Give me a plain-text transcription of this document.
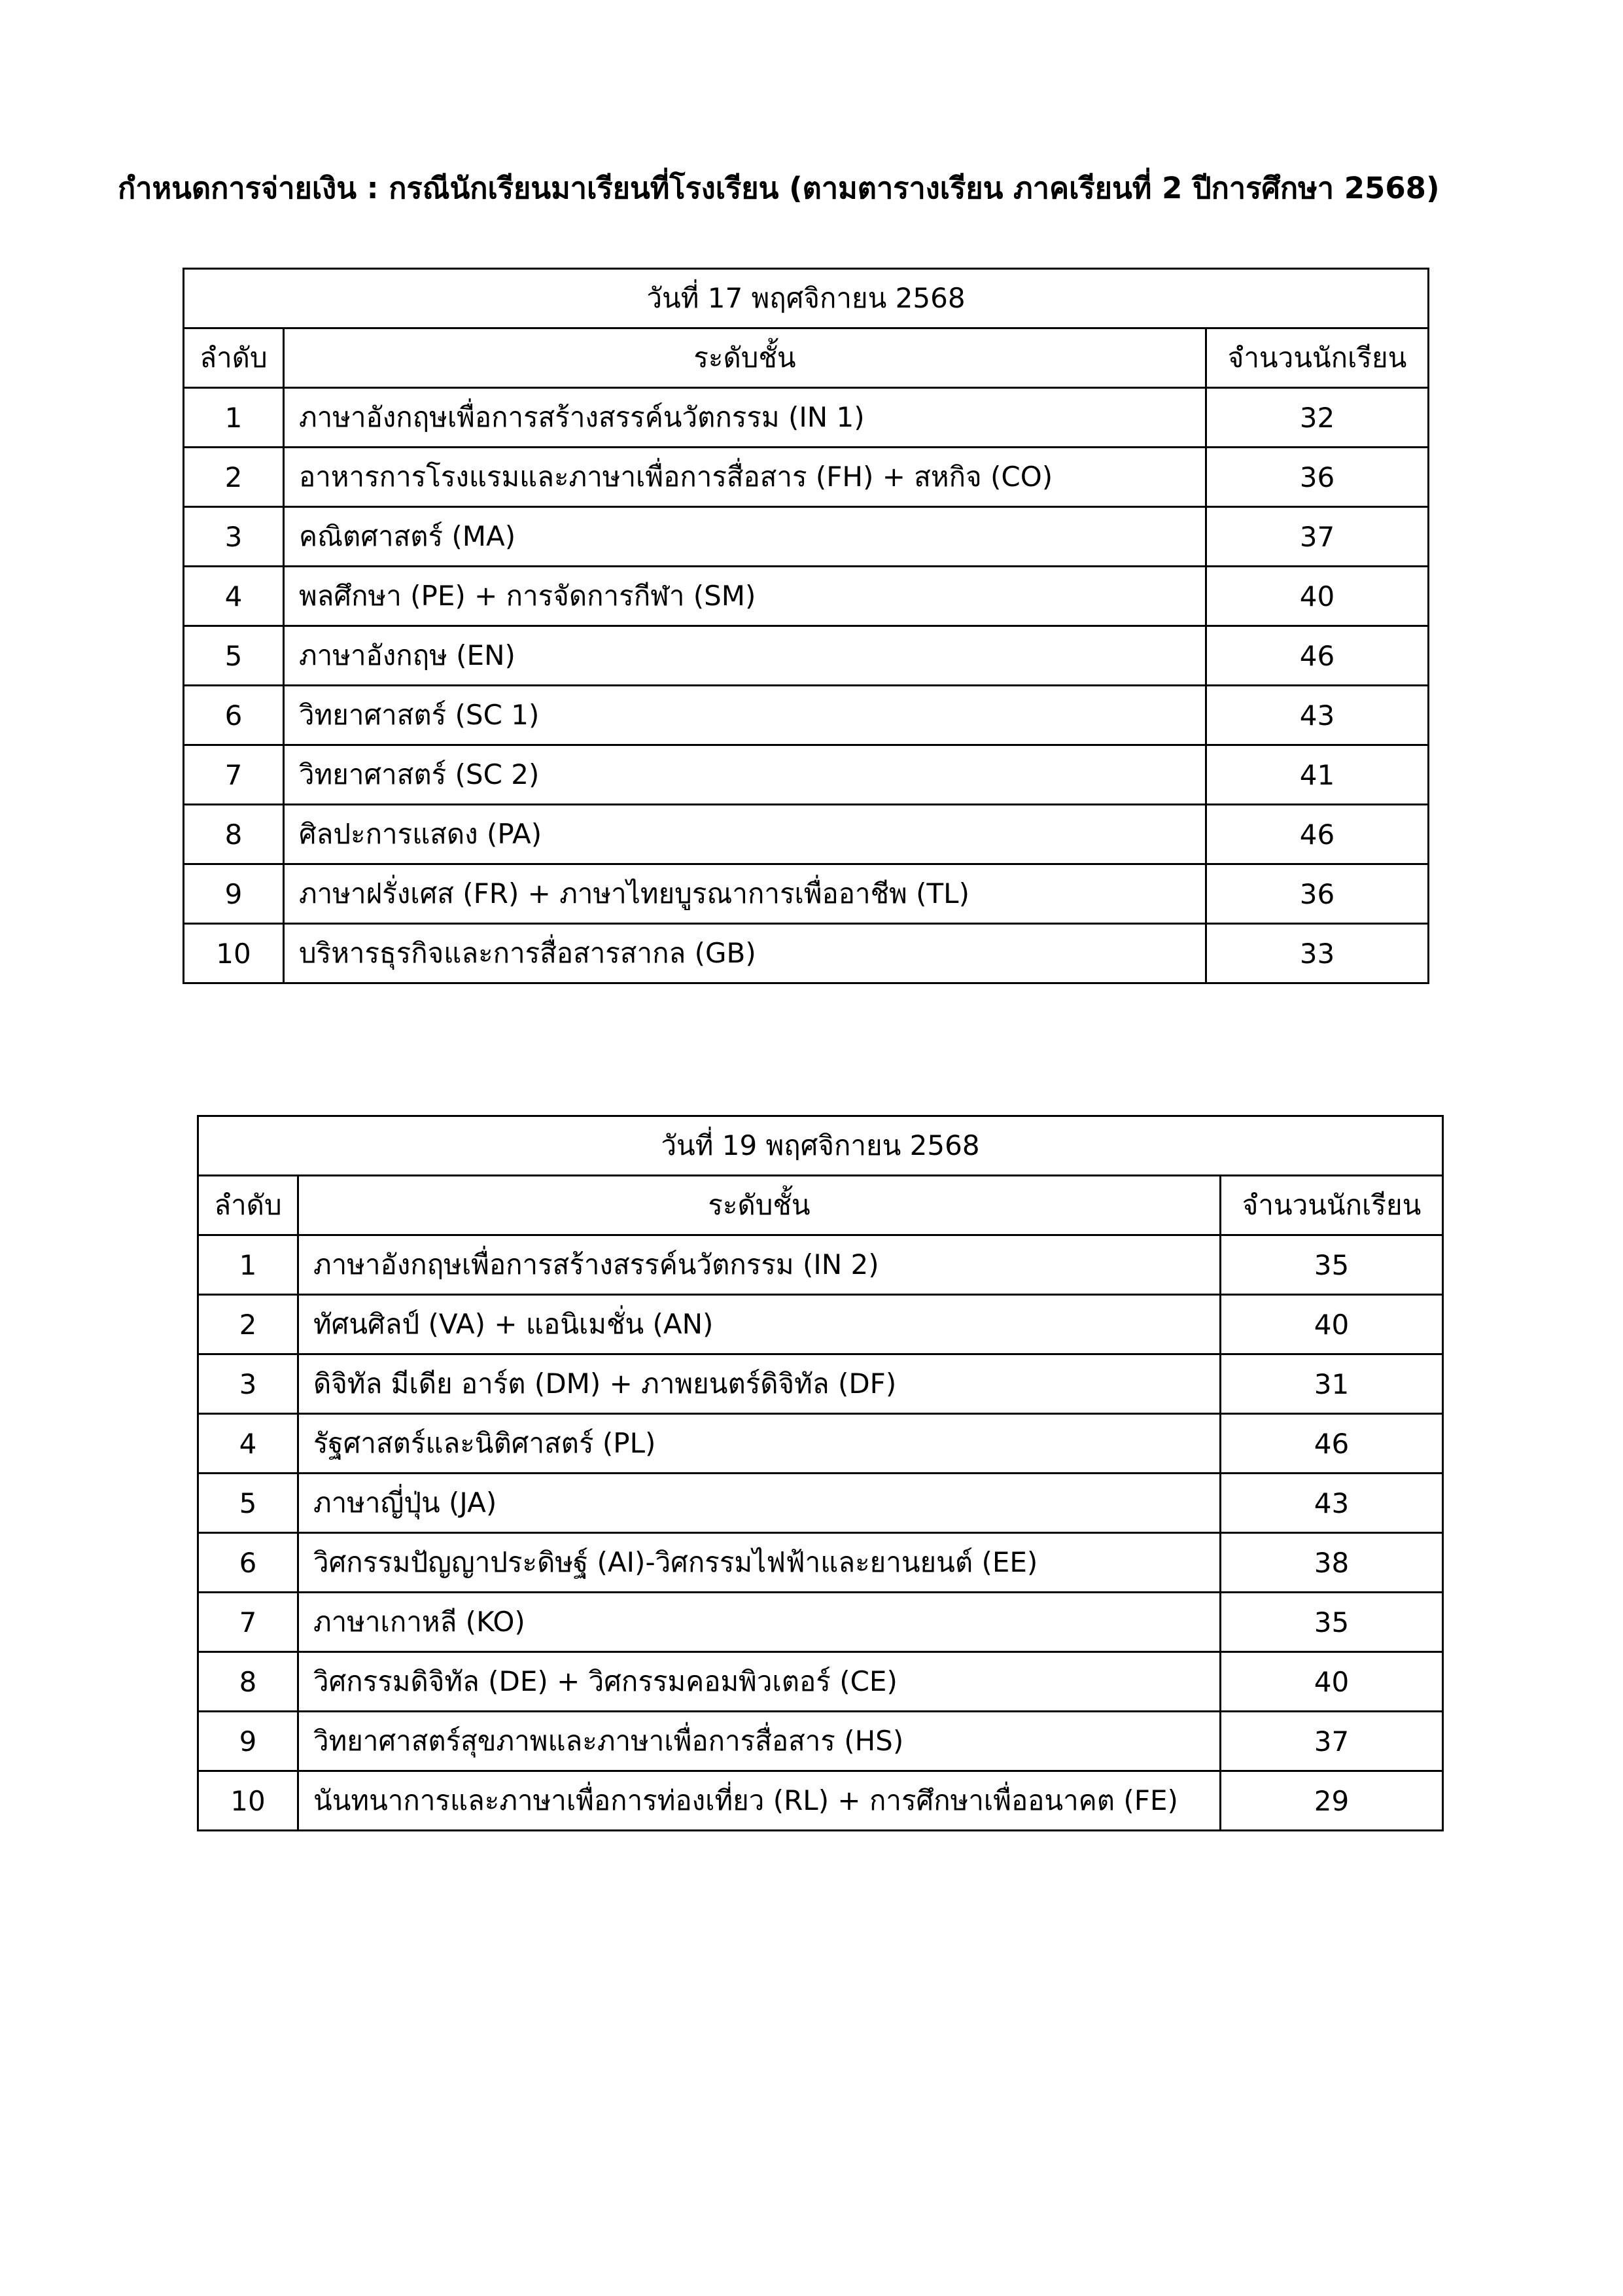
กำหนดการจ่ายเงิน : กรณีนักเรียนมาเรียนที่โรงเรียน (ตามตารางเรียน ภาคเรียนที่ 2 ปีการศึกษา 2568)
วันที่ 17 พฤศจิกายน 2568		
ลำดับ	ระดับชั้น	จำนวนนักเรียน
1	ภาษาอังกฤษเพื่อการสร้างสรรค์นวัตกรรม (IN 1)	32
2	อาหารการโรงแรมและภาษาเพื่อการสื่อสาร (FH) + สหกิจ (CO)	36
3	คณิตศาสตร์ (MA)	37
4	พลศึกษา (PE) + การจัดการกีฬา (SM)	40
5	ภาษาอังกฤษ (EN)	46
6	วิทยาศาสตร์ (SC 1)	43
7	วิทยาศาสตร์ (SC 2)	41
8	ศิลปะการแสดง (PA)	46
9	ภาษาฝรั่งเศส (FR) + ภาษาไทยบูรณาการเพื่ออาชีพ (TL)	36
10	บริหารธุรกิจและการสื่อสารสากล (GB)	33
วันที่ 19 พฤศจิกายน 2568		
ลำดับ	ระดับชั้น	จำนวนนักเรียน
1	ภาษาอังกฤษเพื่อการสร้างสรรค์นวัตกรรม (IN 2)	35
2	ทัศนศิลป์ (VA) + แอนิเมชั่น (AN)	40
3	ดิจิทัล มีเดีย อาร์ต (DM) + ภาพยนตร์ดิจิทัล (DF)	31
4	รัฐศาสตร์และนิติศาสตร์ (PL)	46
5	ภาษาญี่ปุ่น (JA)	43
6	วิศกรรมปัญญาประดิษฐ์ (AI)-วิศกรรมไฟฟ้าและยานยนต์ (EE)	38
7	ภาษาเกาหลี (KO)	35
8	วิศกรรมดิจิทัล (DE) + วิศกรรมคอมพิวเตอร์ (CE)	40
9	วิทยาศาสตร์สุขภาพและภาษาเพื่อการสื่อสาร (HS)	37
10	นันทนาการและภาษาเพื่อการท่องเที่ยว (RL) + การศึกษาเพื่ออนาคต (FE)	29
